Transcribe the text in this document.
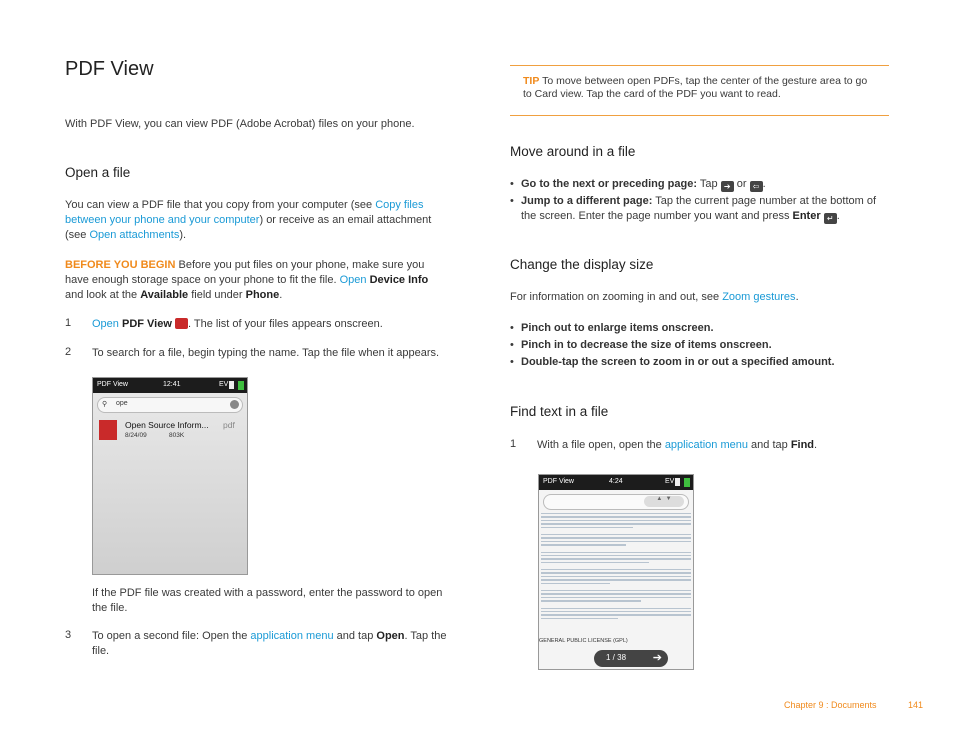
PDF View
With PDF View, you can view PDF (Adobe Acrobat) files on your phone.
Open a file
You can view a PDF file that you copy from your computer (see Copy files between your phone and your computer) or receive as an email attachment (see Open attachments).
BEFORE YOU BEGIN Before you put files on your phone, make sure you have enough storage space on your phone to fit the file. Open Device Info and look at the Available field under Phone.
1 Open PDF View . The list of your files appears onscreen.
2 To search for a file, begin typing the name. Tap the file when it appears.
PDF View	12:41	EV
⚲ ope
Open Source Inform... pdf
8/24/09	803K
If the PDF file was created with a password, enter the password to open the file.
3 To open a second file: Open the application menu and tap Open. Tap the file.
TIP To move between open PDFs, tap the center of the gesture area to go to Card view. Tap the card of the PDF you want to read.
Move around in a file
• Go to the next or preceding page: Tap ➔ or ⇦ .
• Jump to a different page: Tap the current page number at the bottom of the screen. Enter the page number you want and press Enter ↵ .
Change the display size
For information on zooming in and out, see Zoom gestures.
• Pinch out to enlarge items onscreen.
• Pinch in to decrease the size of items onscreen.
• Double-tap the screen to zoom in or out a specified amount.
Find text in a file
1 With a file open, open the application menu and tap Find.
PDF View	4:24	EV
▲ ▼
GENERAL PUBLIC LICENSE (GPL)
1 / 38 ➔
Chapter 9 : Documents	141
